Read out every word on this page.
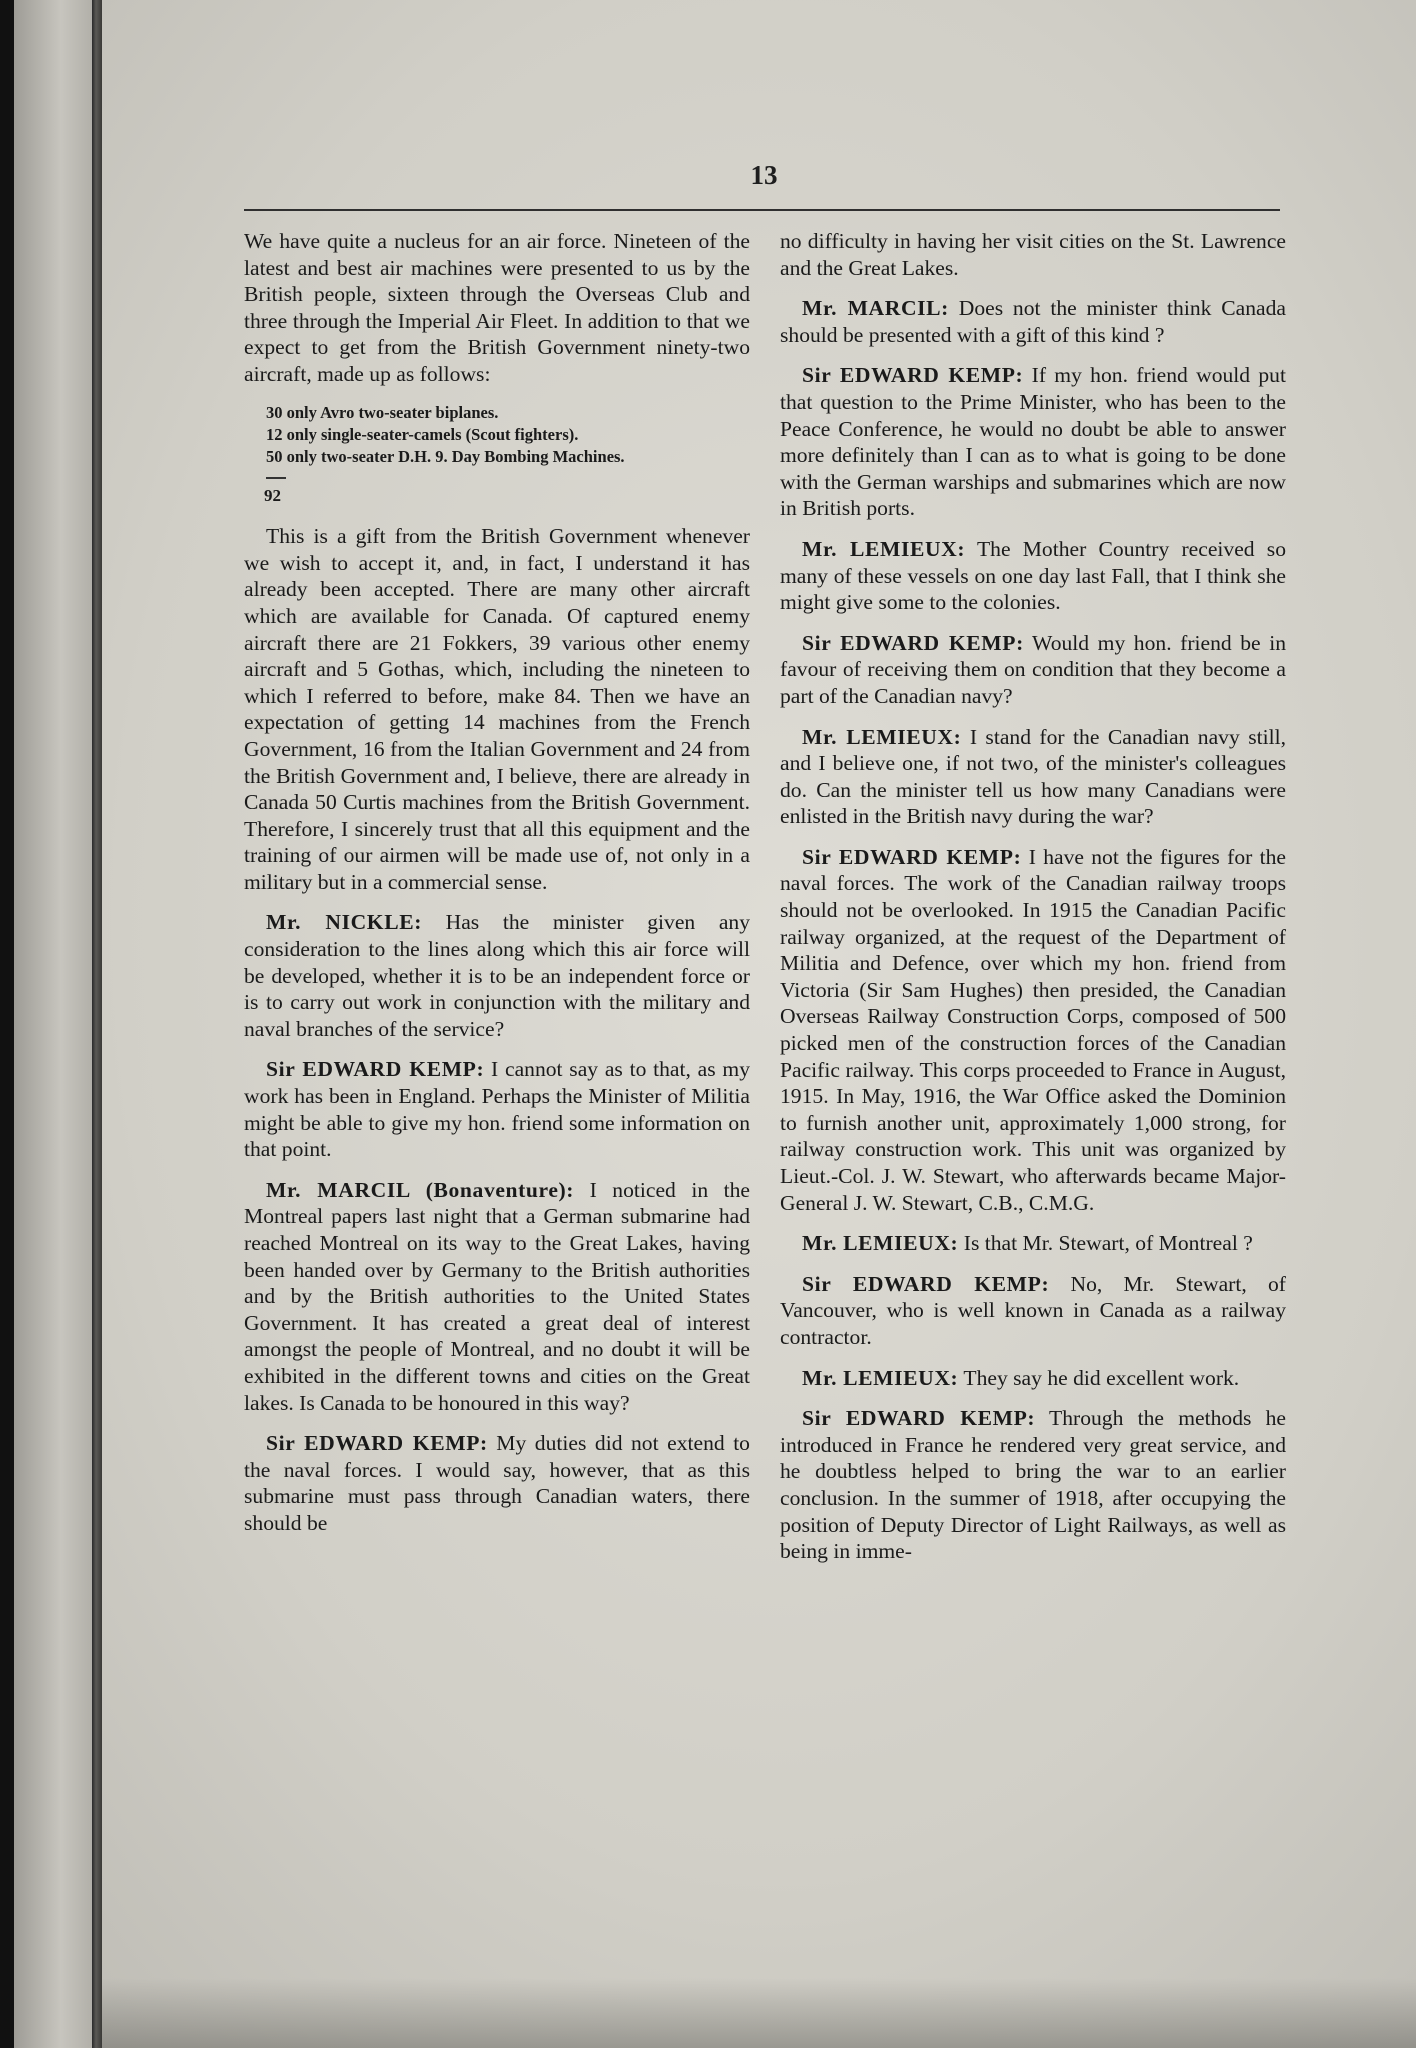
13

We have quite a nucleus for an air force. Nineteen of the latest and best air machines were presented to us by the British people, sixteen through the Overseas Club and three through the Imperial Air Fleet. In addition to that we expect to get from the British Government ninety-two aircraft, made up as follows:

30 only Avro two-seater biplanes.
12 only single-seater-camels (Scout fighters).
50 only two-seater D.H. 9. Day Bombing Machines.
92

This is a gift from the British Government whenever we wish to accept it, and, in fact, I understand it has already been accepted. There are many other aircraft which are available for Canada. Of captured enemy aircraft there are 21 Fokkers, 39 various other enemy aircraft and 5 Gothas, which, including the nineteen to which I referred to before, make 84. Then we have an expectation of getting 14 machines from the French Government, 16 from the Italian Government and 24 from the British Government and, I believe, there are already in Canada 50 Curtis machines from the British Government. Therefore, I sincerely trust that all this equipment and the training of our airmen will be made use of, not only in a military but in a commercial sense.

Mr. NICKLE: Has the minister given any consideration to the lines along which this air force will be developed, whether it is to be an independent force or is to carry out work in conjunction with the military and naval branches of the service?

Sir EDWARD KEMP: I cannot say as to that, as my work has been in England. Perhaps the Minister of Militia might be able to give my hon. friend some information on that point.

Mr. MARCIL (Bonaventure): I noticed in the Montreal papers last night that a German submarine had reached Montreal on its way to the Great Lakes, having been handed over by Germany to the British authorities and by the British authorities to the United States Government. It has created a great deal of interest amongst the people of Montreal, and no doubt it will be exhibited in the different towns and cities on the Great lakes. Is Canada to be honoured in this way?

Sir EDWARD KEMP: My duties did not extend to the naval forces. I would say, however, that as this submarine must pass through Canadian waters, there should be

no difficulty in having her visit cities on the St. Lawrence and the Great Lakes.

Mr. MARCIL: Does not the minister think Canada should be presented with a gift of this kind ?

Sir EDWARD KEMP: If my hon. friend would put that question to the Prime Minister, who has been to the Peace Conference, he would no doubt be able to answer more definitely than I can as to what is going to be done with the German warships and submarines which are now in British ports.

Mr. LEMIEUX: The Mother Country received so many of these vessels on one day last Fall, that I think she might give some to the colonies.

Sir EDWARD KEMP: Would my hon. friend be in favour of receiving them on condition that they become a part of the Canadian navy?

Mr. LEMIEUX: I stand for the Canadian navy still, and I believe one, if not two, of the minister's colleagues do. Can the minister tell us how many Canadians were enlisted in the British navy during the war?

Sir EDWARD KEMP: I have not the figures for the naval forces. The work of the Canadian railway troops should not be overlooked. In 1915 the Canadian Pacific railway organized, at the request of the Department of Militia and Defence, over which my hon. friend from Victoria (Sir Sam Hughes) then presided, the Canadian Overseas Railway Construction Corps, composed of 500 picked men of the construction forces of the Canadian Pacific railway. This corps proceeded to France in August, 1915. In May, 1916, the War Office asked the Dominion to furnish another unit, approximately 1,000 strong, for railway construction work. This unit was organized by Lieut.-Col. J. W. Stewart, who afterwards became Major-General J. W. Stewart, C.B., C.M.G.

Mr. LEMIEUX: Is that Mr. Stewart, of Montreal ?

Sir EDWARD KEMP: No, Mr. Stewart, of Vancouver, who is well known in Canada as a railway contractor.

Mr. LEMIEUX: They say he did excellent work.

Sir EDWARD KEMP: Through the methods he introduced in France he rendered very great service, and he doubtless helped to bring the war to an earlier conclusion. In the summer of 1918, after occupying the position of Deputy Director of Light Railways, as well as being in imme-
